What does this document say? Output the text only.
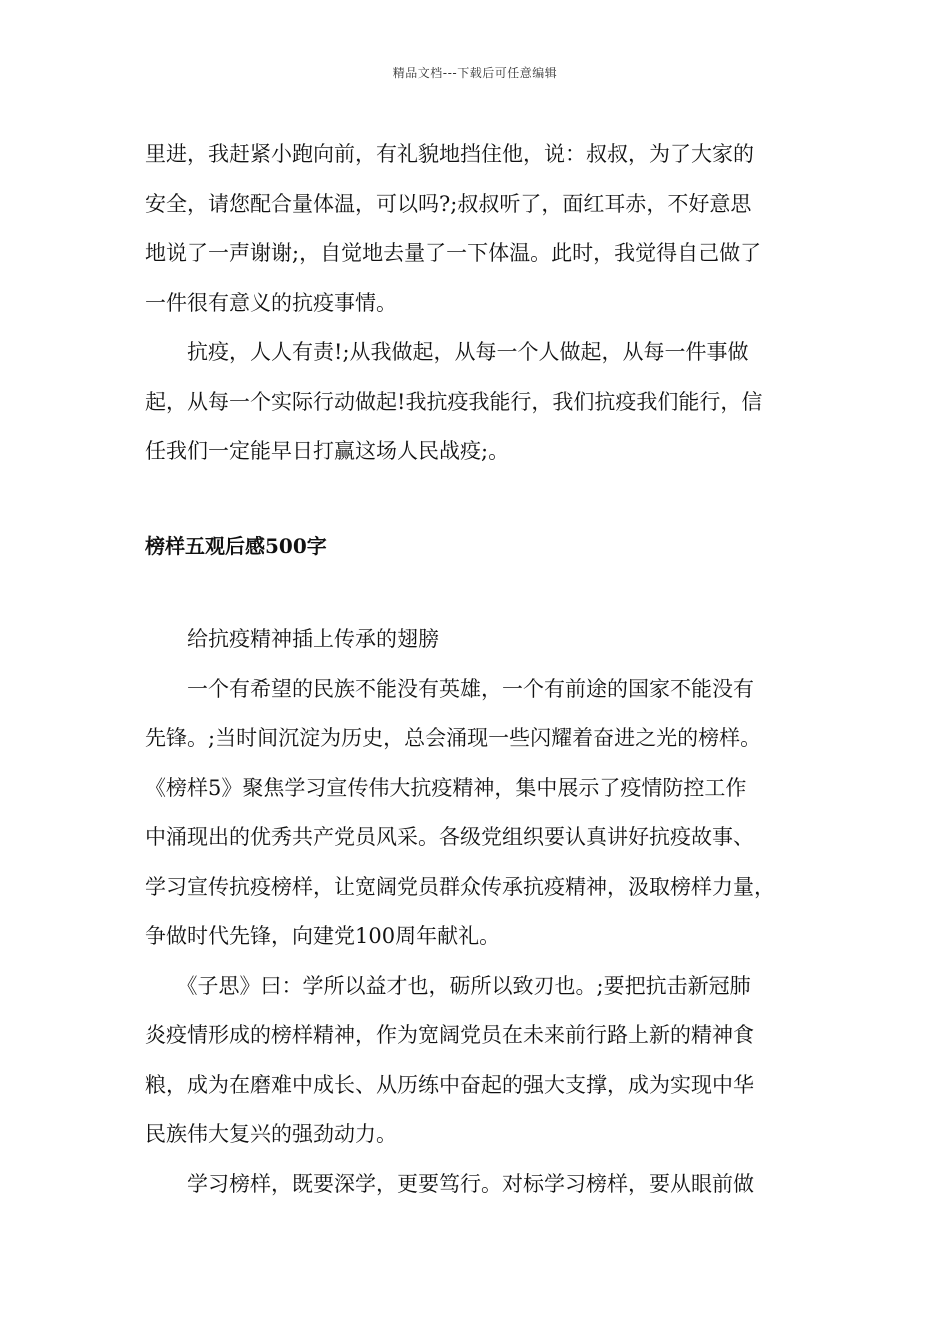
精品文档---下载后可任意编辑

里进，我赶紧小跑向前，有礼貌地挡住他，说：叔叔，为了大家的
安全，请您配合量体温，可以吗?;叔叔听了，面红耳赤，不好意思
地说了一声谢谢;，自觉地去量了一下体温。此时，我觉得自己做了
一件很有意义的抗疫事情。

　　抗疫，人人有责!;从我做起，从每一个人做起，从每一件事做
起，从每一个实际行动做起!我抗疫我能行，我们抗疫我们能行，信
任我们一定能早日打赢这场人民战疫;。

榜样五观后感500字

　　给抗疫精神插上传承的翅膀

　　一个有希望的民族不能没有英雄，一个有前途的国家不能没有
先锋。;当时间沉淀为历史，总会涌现一些闪耀着奋进之光的榜样。
《榜样5》聚焦学习宣传伟大抗疫精神，集中展示了疫情防控工作
中涌现出的优秀共产党员风采。各级党组织要认真讲好抗疫故事、
学习宣传抗疫榜样，让宽阔党员群众传承抗疫精神，汲取榜样力量，
争做时代先锋，向建党100周年献礼。

　　《子思》曰：学所以益才也，砺所以致刃也。;要把抗击新冠肺
炎疫情形成的榜样精神，作为宽阔党员在未来前行路上新的精神食
粮，成为在磨难中成长、从历练中奋起的强大支撑，成为实现中华
民族伟大复兴的强劲动力。

　　学习榜样，既要深学，更要笃行。对标学习榜样，要从眼前做
